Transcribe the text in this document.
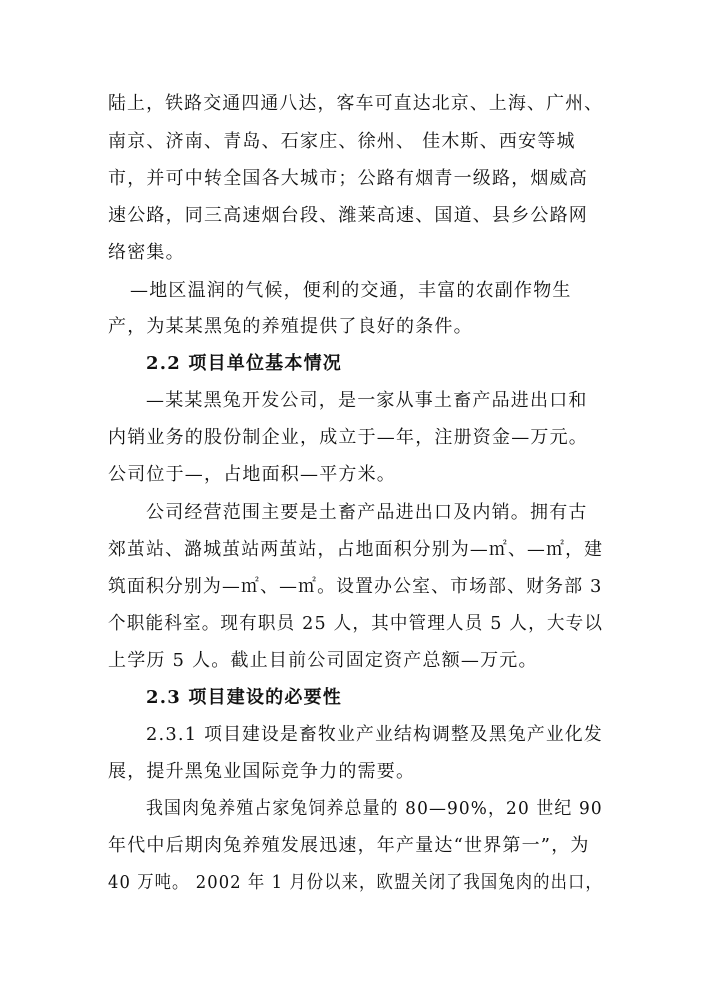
陆上，铁路交通四通八达，客车可直达北京、上海、广州、
南京、济南、青岛、石家庄、徐州、 佳木斯、西安等城
市，并可中转全国各大城市；公路有烟青一级路，烟威高
速公路，同三高速烟台段、潍莱高速、国道、县乡公路网
络密集。
—地区温润的气候，便利的交通，丰富的农副作物生
产，为某某黑兔的养殖提供了良好的条件。
2.2 项目单位基本情况
—某某黑兔开发公司，是一家从事土畜产品进出口和
内销业务的股份制企业，成立于—年，注册资金—万元。
公司位于—，占地面积—平方米。
公司经营范围主要是土畜产品进出口及内销。拥有古
郊茧站、潞城茧站两茧站，占地面积分别为—㎡、—㎡，建
筑面积分别为—㎡、—㎡。设置办公室、市场部、财务部 3
个职能科室。现有职员 25 人，其中管理人员 5 人，大专以
上学历 5 人。截止目前公司固定资产总额—万元。
2.3 项目建设的必要性
2.3.1 项目建设是畜牧业产业结构调整及黑兔产业化发
展，提升黑兔业国际竞争力的需要。
我国肉兔养殖占家兔饲养总量的 80—90%，20 世纪 90
年代中后期肉兔养殖发展迅速，年产量达“世界第一”，为
40 万吨。 2002 年 1 月份以来，欧盟关闭了我国兔肉的出口，
